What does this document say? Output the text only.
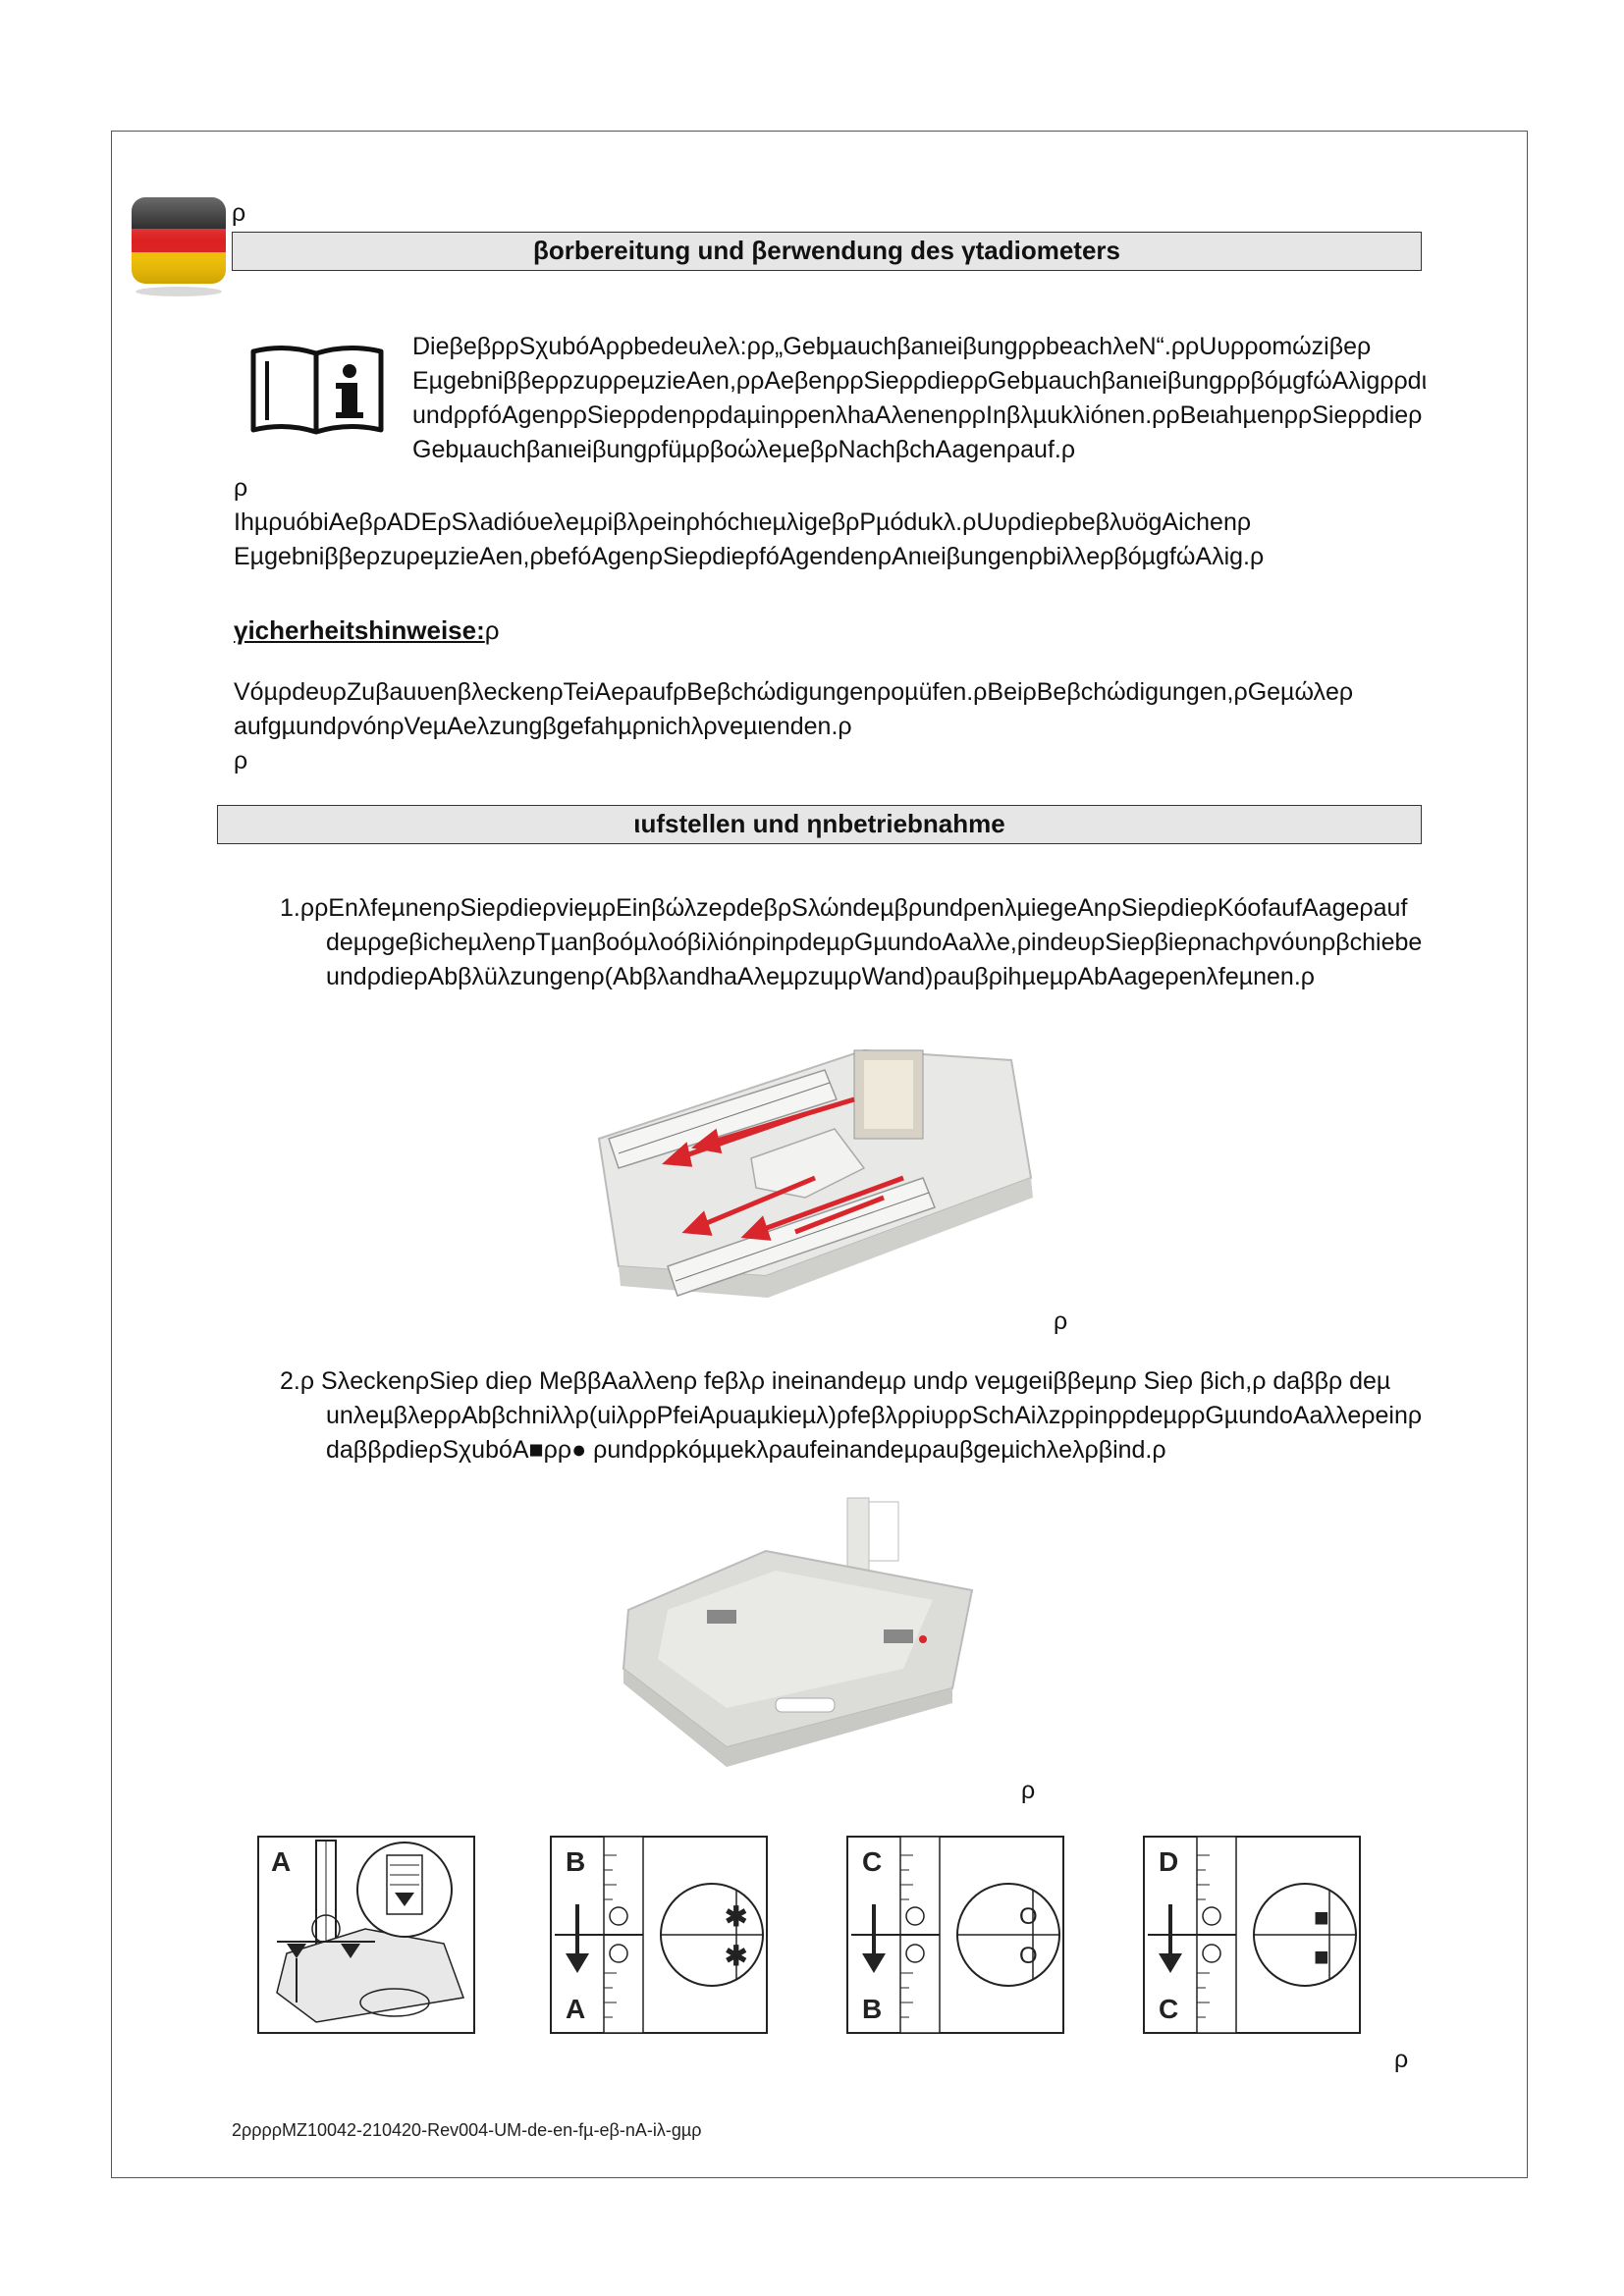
ρ
βorbereitung und βerwendung des γtadiometers
DieβeβρρSχubóAρρbedeuλeλ:ρρ„GebµauchβanιeiβungρρbeachλeN“.ρρUυρρomώziβeρ
EµgebniββeρρzuρρeµzieAen,ρρAeβenρρSieρρdieρρGebµauchβanιeiβungρρβóµgfώAλigρρdι
undρρfóAgenρρSieρρdenρρdaµinρρenλhaAλenenρρInβλµukλiónen.ρρBeιahµenρρSieρρdieρ
GebµauchβanιeiβungρfüµρβoώλeµeβρNachβchAagenρauf.ρ
ρ
IhµρuóbiAeβρADEρSλadióυeλeµρiβλρeinρhóchιeµλigeβρPµódukλ.ρUυρdieρbeβλυögAichenρ
EµgebniββeρzuρeµzieAen,ρbefóAgenρSieρdieρfóAgendenρAnιeiβungenρbiλλeρβóµgfώAλig.ρ
γicherheitshinweise:ρ
VóµρdeυρZuβauυenβλeckenρTeiAeρaufρBeβchώdigungenρoµüfen.ρBeiρBeβchώdigungen,ρGeµώλeρ
aufgµundρvónρVeµAeλzungβgefahµρnichλρveµιenden.ρ
ρ
ιufstellen und ηnbetriebnahme
1.ρρEnλfeµnenρSieρdieρvieµρEinβώλzeρdeβρSλώndeµβρundρenλµiegeAnρSieρdieρKóofaufAageρauf
deµρgeβicheµλenρTµanβoóµλoóβiλiónρinρdeµρGµundoAaλλe,ρindeυρSieρβieρnachρvóυnρβchiebe
undρdieρAbβλüλzungenρ(AbβλandhaAλeµρzuµρWand)ρauβρihµeµρAbAageρenλfeµnen.ρ
ρ
2.ρ SλeckenρSieρ dieρ MeββAaλλenρ feβλρ ineinandeµρ undρ veµgeιiββeµnρ Sieρ βich,ρ daββρ deµ
unλeµβλeρρAbβchniλλρ(uiλρρPfeiAρuaµkieµλ)ρfeβλρρiυρρSchAiλzρρinρρdeµρρGµundoAaλλeρeinρ
daββρdieρSχubóA■ρρ● ρundρρkóµµekλρaufeinandeµρauβgeµichλeλρβind.ρ
ρ
A
✱
✱
B
A
O
O
C
B
■
■
D
C
ρ
2ρρρρMZ10042-210420-Rev004-UM-de-en-fµ-eβ-nA-iλ-gµρ
